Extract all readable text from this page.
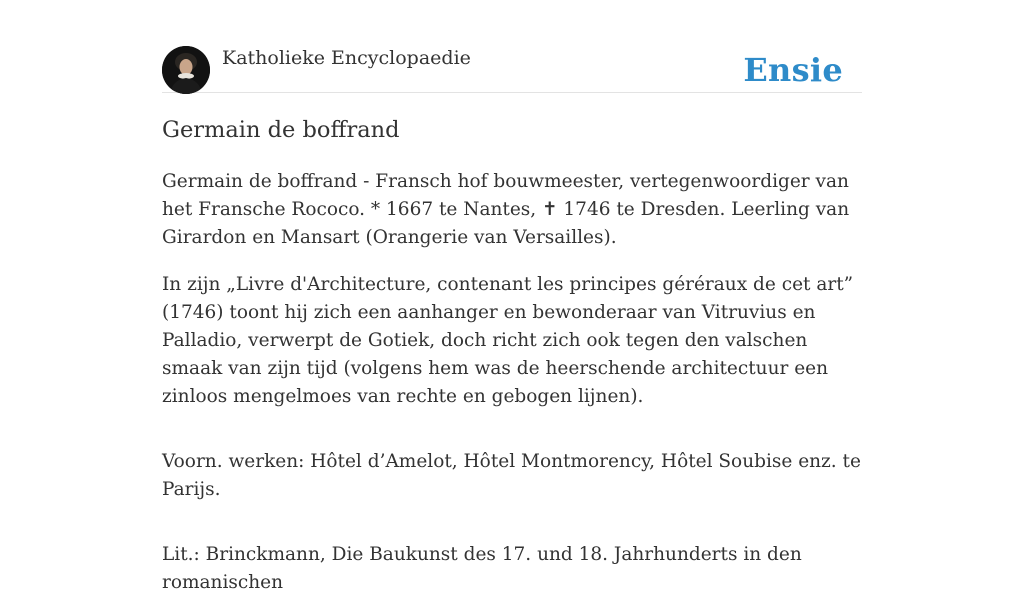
Katholieke Encyclopaedie	Ensie
Germain de boffrand

Germain de boffrand - Fransch hof bouwmeester, vertegenwoordiger van het Fransche Rococo. * 1667 te Nantes, ✝ 1746 te Dresden. Leerling van Girardon en Mansart (Orangerie van Versailles).

In zijn „Livre d'Architecture, contenant les principes géréraux de cet art” (1746) toont hij zich een aanhanger en bewonderaar van Vitruvius en Palladio, verwerpt de Gotiek, doch richt zich ook tegen den valschen smaak van zijn tijd (volgens hem was de heerschende architectuur een zinloos mengelmoes van rechte en gebogen lijnen).

Voorn. werken: Hôtel d’Amelot, Hôtel Montmorency, Hôtel Soubise enz. te Parijs.

Lit.: Brinckmann, Die Baukunst des 17. und 18. Jahrhunderts in den romanischen
